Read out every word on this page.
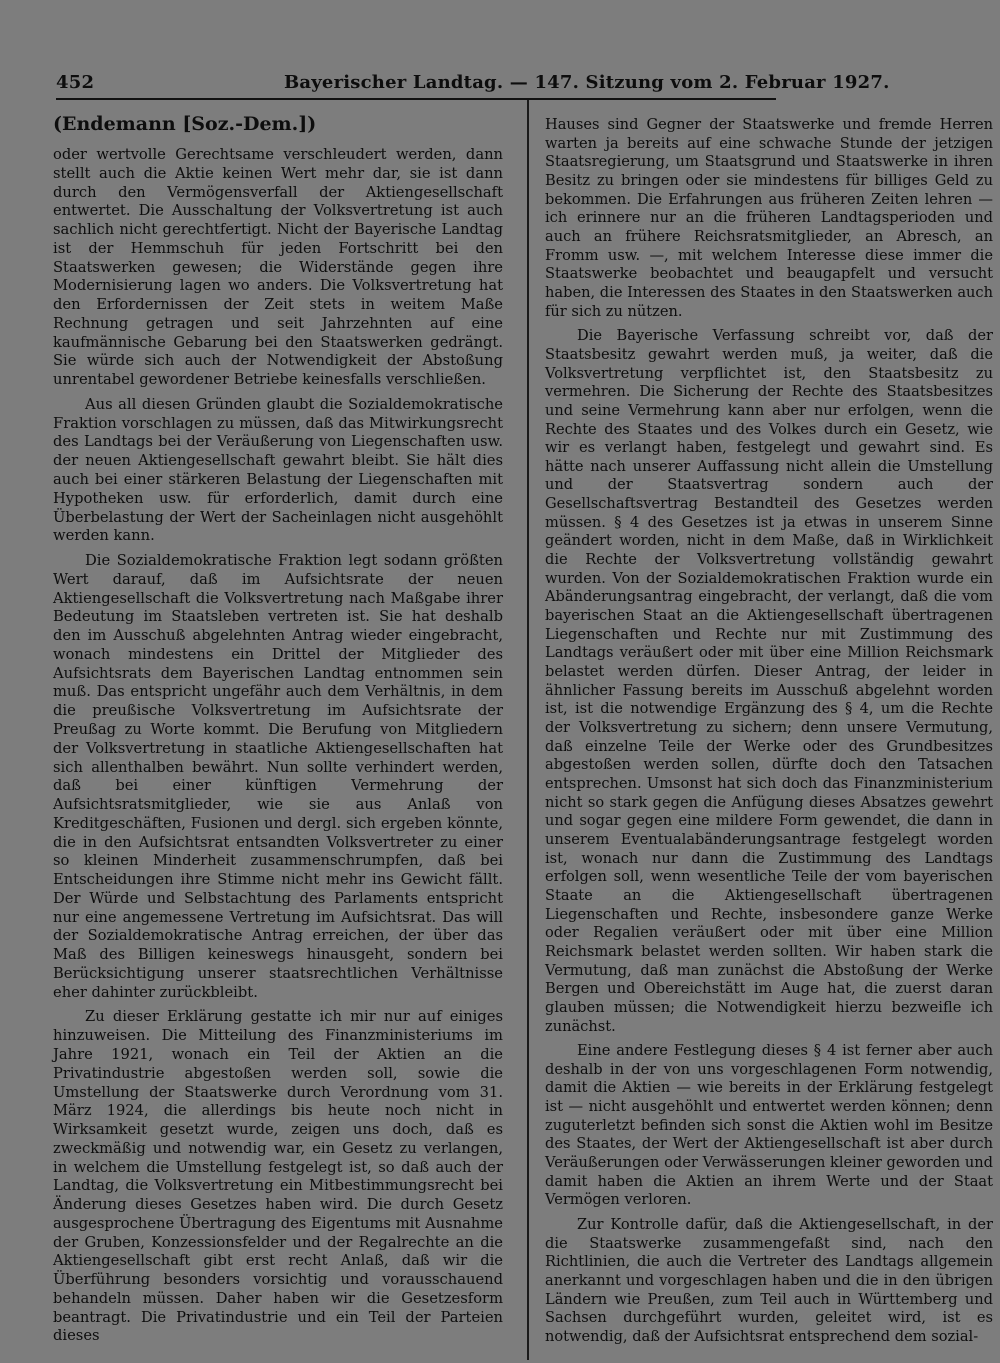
452	Bayerischer Landtag. — 147. Sitzung vom 2. Februar 1927.
(Endemann [Soz.-Dem.])

oder wertvolle Gerechtsame verschleudert werden, dann stellt auch die Aktie keinen Wert mehr dar, sie ist dann durch den Vermögensverfall der Aktiengesellschaft entwertet. Die Ausschaltung der Volksvertretung ist auch sachlich nicht gerechtfertigt. Nicht der Bayerische Landtag ist der Hemmschuh für jeden Fortschritt bei den Staatswerken gewesen; die Widerstände gegen ihre Modernisierung lagen wo anders. Die Volksvertretung hat den Erfordernissen der Zeit stets in weitem Maße Rechnung getragen und seit Jahrzehnten auf eine kaufmännische Gebarung bei den Staatswerken gedrängt. Sie würde sich auch der Notwendigkeit der Abstoßung unrentabel gewordener Betriebe keinesfalls verschließen.

Aus all diesen Gründen glaubt die Sozialdemokratische Fraktion vorschlagen zu müssen, daß das Mitwirkungsrecht des Landtags bei der Veräußerung von Liegenschaften usw. der neuen Aktiengesellschaft gewahrt bleibt. Sie hält dies auch bei einer stärkeren Belastung der Liegenschaften mit Hypotheken usw. für erforderlich, damit durch eine Überbelastung der Wert der Sacheinlagen nicht ausgehöhlt werden kann.

Die Sozialdemokratische Fraktion legt sodann größten Wert darauf, daß im Aufsichtsrate der neuen Aktiengesellschaft die Volksvertretung nach Maßgabe ihrer Bedeutung im Staatsleben vertreten ist. Sie hat deshalb den im Ausschuß abgelehnten Antrag wieder eingebracht, wonach mindestens ein Drittel der Mitglieder des Aufsichtsrats dem Bayerischen Landtag entnommen sein muß. Das entspricht ungefähr auch dem Verhältnis, in dem die preußische Volksvertretung im Aufsichtsrate der Preußag zu Worte kommt. Die Berufung von Mitgliedern der Volksvertretung in staatliche Aktiengesellschaften hat sich allenthalben bewährt. Nun sollte verhindert werden, daß bei einer künftigen Vermehrung der Aufsichtsratsmitglieder, wie sie aus Anlaß von Kreditgeschäften, Fusionen und dergl. sich ergeben könnte, die in den Aufsichtsrat entsandten Volksvertreter zu einer so kleinen Minderheit zusammenschrumpfen, daß bei Entscheidungen ihre Stimme nicht mehr ins Gewicht fällt. Der Würde und Selbstachtung des Parlaments entspricht nur eine angemessene Vertretung im Aufsichtsrat. Das will der Sozialdemokratische Antrag erreichen, der über das Maß des Billigen keineswegs hinausgeht, sondern bei Berücksichtigung unserer staatsrechtlichen Verhältnisse eher dahinter zurückbleibt.

Zu dieser Erklärung gestatte ich mir nur auf einiges hinzuweisen. Die Mitteilung des Finanzministeriums im Jahre 1921, wonach ein Teil der Aktien an die Privatindustrie abgestoßen werden soll, sowie die Umstellung der Staatswerke durch Verordnung vom 31. März 1924, die allerdings bis heute noch nicht in Wirksamkeit gesetzt wurde, zeigen uns doch, daß es zweckmäßig und notwendig war, ein Gesetz zu verlangen, in welchem die Umstellung festgelegt ist, so daß auch der Landtag, die Volksvertretung ein Mitbestimmungsrecht bei Änderung dieses Gesetzes haben wird. Die durch Gesetz ausgesprochene Übertragung des Eigentums mit Ausnahme der Gruben, Konzessionsfelder und der Regalrechte an die Aktiengesellschaft gibt erst recht Anlaß, daß wir die Überführung besonders vorsichtig und vorausschauend behandeln müssen. Daher haben wir die Gesetzesform beantragt. Die Privatindustrie und ein Teil der Parteien dieses

Hauses sind Gegner der Staatswerke und fremde Herren warten ja bereits auf eine schwache Stunde der jetzigen Staatsregierung, um Staatsgrund und Staatswerke in ihren Besitz zu bringen oder sie mindestens für billiges Geld zu bekommen. Die Erfahrungen aus früheren Zeiten lehren — ich erinnere nur an die früheren Landtagsperioden und auch an frühere Reichsratsmitglieder, an Abresch, an Fromm usw. —, mit welchem Interesse diese immer die Staatswerke beobachtet und beaugapfelt und versucht haben, die Interessen des Staates in den Staatswerken auch für sich zu nützen.

Die Bayerische Verfassung schreibt vor, daß der Staatsbesitz gewahrt werden muß, ja weiter, daß die Volksvertretung verpflichtet ist, den Staatsbesitz zu vermehren. Die Sicherung der Rechte des Staatsbesitzes und seine Vermehrung kann aber nur erfolgen, wenn die Rechte des Staates und des Volkes durch ein Gesetz, wie wir es verlangt haben, festgelegt und gewahrt sind. Es hätte nach unserer Auffassung nicht allein die Umstellung und der Staatsvertrag sondern auch der Gesellschaftsvertrag Bestandteil des Gesetzes werden müssen. § 4 des Gesetzes ist ja etwas in unserem Sinne geändert worden, nicht in dem Maße, daß in Wirklichkeit die Rechte der Volksvertretung vollständig gewahrt wurden. Von der Sozialdemokratischen Fraktion wurde ein Abänderungsantrag eingebracht, der verlangt, daß die vom bayerischen Staat an die Aktiengesellschaft übertragenen Liegenschaften und Rechte nur mit Zustimmung des Landtags veräußert oder mit über eine Million Reichsmark belastet werden dürfen. Dieser Antrag, der leider in ähnlicher Fassung bereits im Ausschuß abgelehnt worden ist, ist die notwendige Ergänzung des § 4, um die Rechte der Volksvertretung zu sichern; denn unsere Vermutung, daß einzelne Teile der Werke oder des Grundbesitzes abgestoßen werden sollen, dürfte doch den Tatsachen entsprechen. Umsonst hat sich doch das Finanzministerium nicht so stark gegen die Anfügung dieses Absatzes gewehrt und sogar gegen eine mildere Form gewendet, die dann in unserem Eventualabänderungsantrage festgelegt worden ist, wonach nur dann die Zustimmung des Landtags erfolgen soll, wenn wesentliche Teile der vom bayerischen Staate an die Aktiengesellschaft übertragenen Liegenschaften und Rechte, insbesondere ganze Werke oder Regalien veräußert oder mit über eine Million Reichsmark belastet werden sollten. Wir haben stark die Vermutung, daß man zunächst die Abstoßung der Werke Bergen und Obereichstätt im Auge hat, die zuerst daran glauben müssen; die Notwendigkeit hierzu bezweifle ich zunächst.

Eine andere Festlegung dieses § 4 ist ferner aber auch deshalb in der von uns vorgeschlagenen Form notwendig, damit die Aktien — wie bereits in der Erklärung festgelegt ist — nicht ausgehöhlt und entwertet werden können; denn zuguterletzt befinden sich sonst die Aktien wohl im Besitze des Staates, der Wert der Aktiengesellschaft ist aber durch Veräußerungen oder Verwässerungen kleiner geworden und damit haben die Aktien an ihrem Werte und der Staat Vermögen verloren.

Zur Kontrolle dafür, daß die Aktiengesellschaft, in der die Staatswerke zusammengefaßt sind, nach den Richtlinien, die auch die Vertreter des Landtags allgemein anerkannt und vorgeschlagen haben und die in den übrigen Ländern wie Preußen, zum Teil auch in Württemberg und Sachsen durchgeführt wurden, geleitet wird, ist es notwendig, daß der Aufsichtsrat entsprechend dem sozial-
